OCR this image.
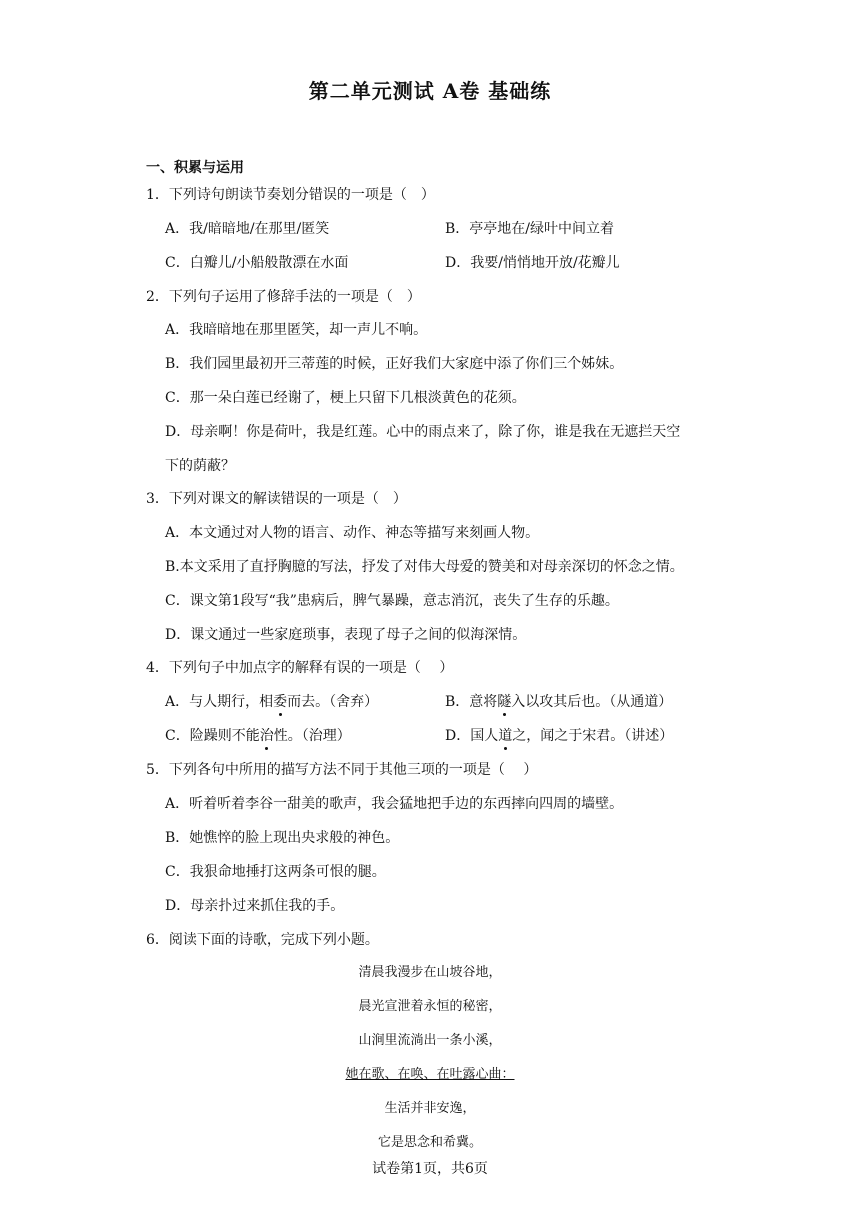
第二单元测试 A卷 基础练
一、积累与运用
1．下列诗句朗读节奏划分错误的一项是（　）
A．我/暗暗地/在那里/匿笑	B．亭亭地在/绿叶中间立着
C．白瓣儿/小船般散漂在水面	D．我要/悄悄地开放/花瓣儿
2．下列句子运用了修辞手法的一项是（　）
A．我暗暗地在那里匿笑，却一声儿不响。
B．我们园里最初开三蒂莲的时候，正好我们大家庭中添了你们三个姊妹。
C．那一朵白莲已经谢了，梗上只留下几根淡黄色的花须。
D．母亲啊！你是荷叶，我是红莲。心中的雨点来了，除了你，谁是我在无遮拦天空
下的荫蔽？
3．下列对课文的解读错误的一项是（　）
A．本文通过对人物的语言、动作、神态等描写来刻画人物。
B.本文采用了直抒胸臆的写法，抒发了对伟大母爱的赞美和对母亲深切的怀念之情。
C．课文第1段写“我”患病后，脾气暴躁，意志消沉，丧失了生存的乐趣。
D．课文通过一些家庭琐事，表现了母子之间的似海深情。
4．下列句子中加点字的解释有误的一项是（　 ）
A．与人期行，相委而去。（舍弃）	B．意将隧入以攻其后也。（从通道）
C．险躁则不能治性。（治理）	D．国人道之，闻之于宋君。（讲述）
5．下列各句中所用的描写方法不同于其他三项的一项是（　 ）
A．听着听着李谷一甜美的歌声，我会猛地把手边的东西摔向四周的墙壁。
B．她憔悴的脸上现出央求般的神色。
C．我狠命地捶打这两条可恨的腿。
D．母亲扑过来抓住我的手。
6．阅读下面的诗歌，完成下列小题。
清晨我漫步在山坡谷地，
晨光宣泄着永恒的秘密，
山涧里流淌出一条小溪，
她在歌、在唤、在吐露心曲：
生活并非安逸，
它是思念和希冀。
试卷第1页，共6页
